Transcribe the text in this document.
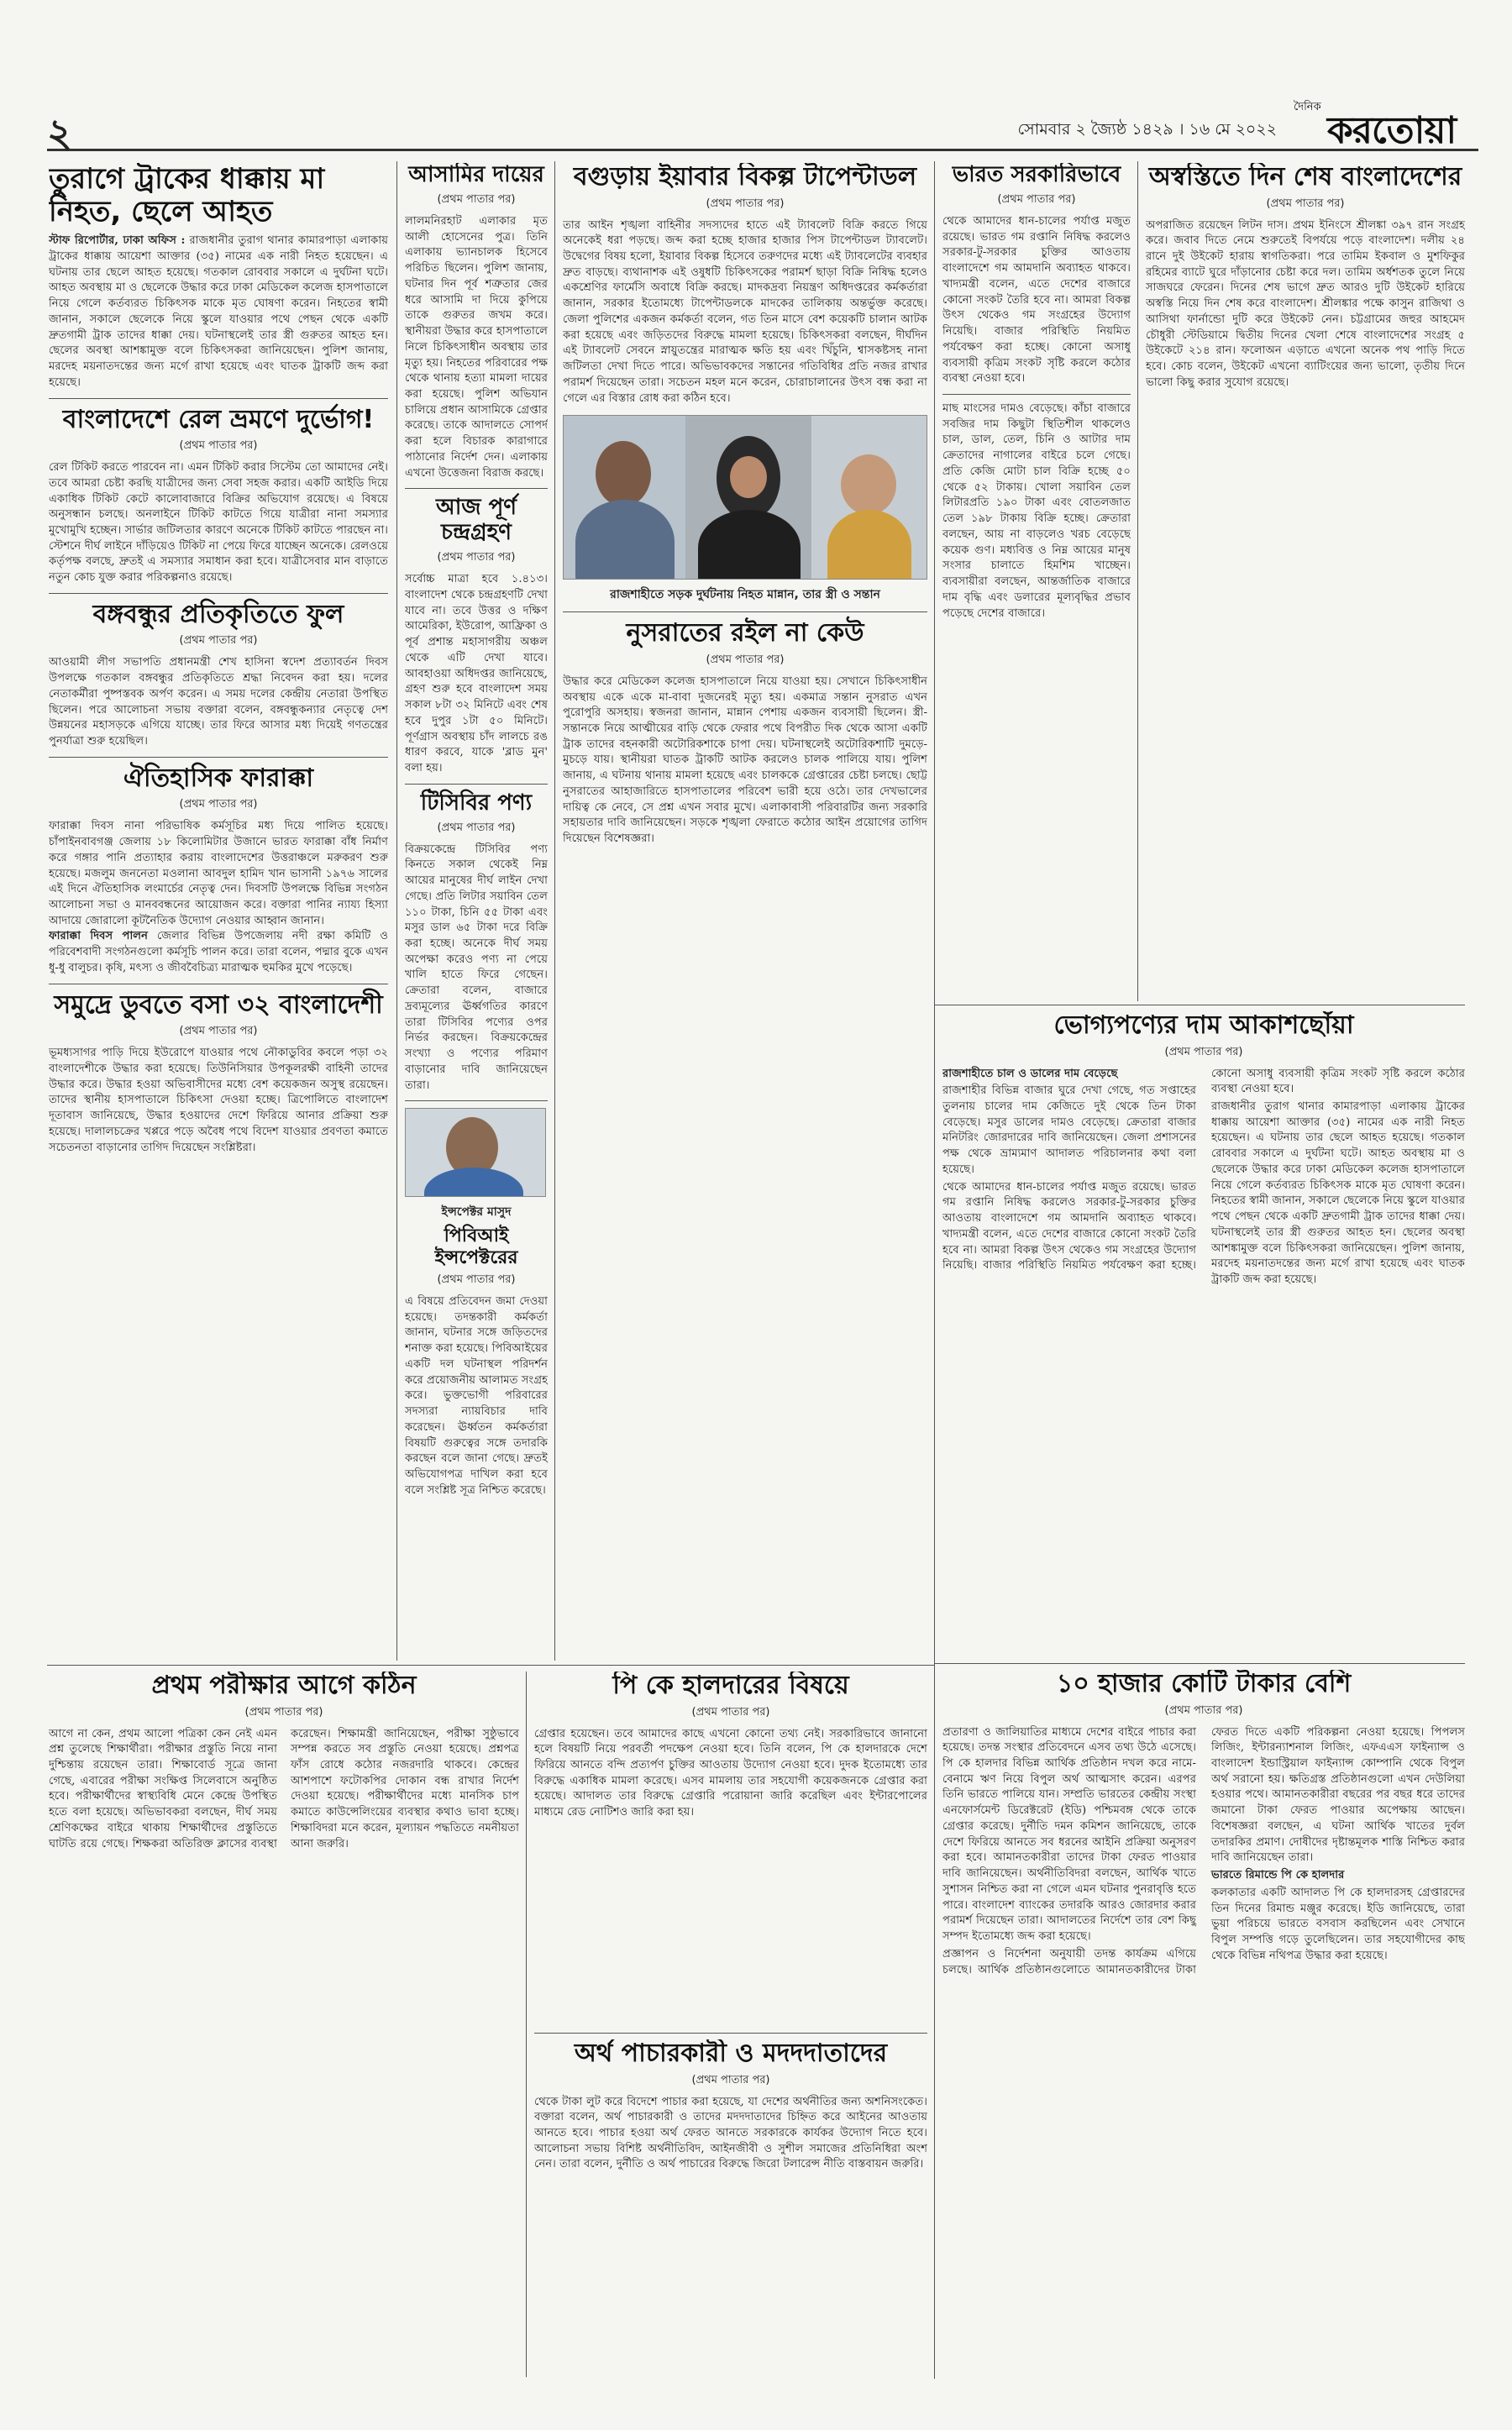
২	সোমবার ২ জ্যৈষ্ঠ ১৪২৯ । ১৬ মে ২০২২
দৈনিক
করতোয়া
তুরাগে ট্রাকের ধাক্কায় মা নিহত, ছেলে আহত
স্টাফ রিপোর্টার, ঢাকা অফিস : রাজধানীর তুরাগ থানার কামারপাড়া এলাকায় ট্রাকের ধাক্কায় আয়েশা আক্তার (৩৫) নামের এক নারী নিহত হয়েছেন। এ ঘটনায় তার ছেলে আহত হয়েছে। গতকাল রোববার সকালে এ দুর্ঘটনা ঘটে। আহত অবস্থায় মা ও ছেলেকে উদ্ধার করে ঢাকা মেডিকেল কলেজ হাসপাতালে নিয়ে গেলে কর্তব্যরত চিকিৎসক মাকে মৃত ঘোষণা করেন। নিহতের স্বামী জানান, সকালে ছেলেকে নিয়ে স্কুলে যাওয়ার পথে পেছন থেকে একটি দ্রুতগামী ট্রাক তাদের ধাক্কা দেয়। ঘটনাস্থলেই তার স্ত্রী গুরুতর আহত হন। ছেলের অবস্থা আশঙ্কামুক্ত বলে চিকিৎসকরা জানিয়েছেন। পুলিশ জানায়, মরদেহ ময়নাতদন্তের জন্য মর্গে রাখা হয়েছে এবং ঘাতক ট্রাকটি জব্দ করা হয়েছে।
বাংলাদেশে রেল ভ্রমণে দুর্ভোগ!
(প্রথম পাতার পর)
রেল টিকিট করতে পারবেন না। এমন টিকিট করার সিস্টেম তো আমাদের নেই। তবে আমরা চেষ্টা করছি যাত্রীদের জন্য সেবা সহজ করার। একটি আইডি দিয়ে একাধিক টিকিট কেটে কালোবাজারে বিক্রির অভিযোগ রয়েছে। এ বিষয়ে অনুসন্ধান চলছে। অনলাইনে টিকিট কাটতে গিয়ে যাত্রীরা নানা সমস্যার মুখোমুখি হচ্ছেন। সার্ভার জটিলতার কারণে অনেকে টিকিট কাটতে পারছেন না। স্টেশনে দীর্ঘ লাইনে দাঁড়িয়েও টিকিট না পেয়ে ফিরে যাচ্ছেন অনেকে। রেলওয়ে কর্তৃপক্ষ বলছে, দ্রুতই এ সমস্যার সমাধান করা হবে। যাত্রীসেবার মান বাড়াতে নতুন কোচ যুক্ত করার পরিকল্পনাও রয়েছে।
বঙ্গবন্ধুর প্রতিকৃতিতে ফুল
(প্রথম পাতার পর)
আওয়ামী লীগ সভাপতি প্রধানমন্ত্রী শেখ হাসিনা স্বদেশ প্রত্যাবর্তন দিবস উপলক্ষে গতকাল বঙ্গবন্ধুর প্রতিকৃতিতে শ্রদ্ধা নিবেদন করা হয়। দলের নেতাকর্মীরা পুষ্পস্তবক অর্পণ করেন। এ সময় দলের কেন্দ্রীয় নেতারা উপস্থিত ছিলেন। পরে আলোচনা সভায় বক্তারা বলেন, বঙ্গবন্ধুকন্যার নেতৃত্বে দেশ উন্নয়নের মহাসড়কে এগিয়ে যাচ্ছে। তার ফিরে আসার মধ্য দিয়েই গণতন্ত্রের পুনর্যাত্রা শুরু হয়েছিল।
ঐতিহাসিক ফারাক্কা
(প্রথম পাতার পর)
ফারাক্কা দিবস নানা পরিভাষিক কর্মসূচির মধ্য দিয়ে পালিত হয়েছে। চাঁপাইনবাবগঞ্জ জেলায় ১৮ কিলোমিটার উজানে ভারত ফারাক্কা বাঁধ নির্মাণ করে গঙ্গার পানি প্রত্যাহার করায় বাংলাদেশের উত্তরাঞ্চলে মরুকরণ শুরু হয়েছে। মজলুম জননেতা মওলানা আবদুল হামিদ খান ভাসানী ১৯৭৬ সালের এই দিনে ঐতিহাসিক লংমার্চের নেতৃত্ব দেন। দিবসটি উপলক্ষে বিভিন্ন সংগঠন আলোচনা সভা ও মানববন্ধনের আয়োজন করে। বক্তারা পানির ন্যায্য হিস্যা আদায়ে জোরালো কূটনৈতিক উদ্যোগ নেওয়ার আহ্বান জানান।
ফারাক্কা দিবস পালন জেলার বিভিন্ন উপজেলায় নদী রক্ষা কমিটি ও পরিবেশবাদী সংগঠনগুলো কর্মসূচি পালন করে। তারা বলেন, পদ্মার বুকে এখন ধু-ধু বালুচর। কৃষি, মৎস্য ও জীববৈচিত্র্য মারাত্মক হুমকির মুখে পড়েছে।
সমুদ্রে ডুবতে বসা ৩২ বাংলাদেশী
(প্রথম পাতার পর)
ভূমধ্যসাগর পাড়ি দিয়ে ইউরোপে যাওয়ার পথে নৌকাডুবির কবলে পড়া ৩২ বাংলাদেশীকে উদ্ধার করা হয়েছে। তিউনিসিয়ার উপকূলরক্ষী বাহিনী তাদের উদ্ধার করে। উদ্ধার হওয়া অভিবাসীদের মধ্যে বেশ কয়েকজন অসুস্থ রয়েছেন। তাদের স্থানীয় হাসপাতালে চিকিৎসা দেওয়া হচ্ছে। ত্রিপোলিতে বাংলাদেশ দূতাবাস জানিয়েছে, উদ্ধার হওয়াদের দেশে ফিরিয়ে আনার প্রক্রিয়া শুরু হয়েছে। দালালচক্রের খপ্পরে পড়ে অবৈধ পথে বিদেশ যাওয়ার প্রবণতা কমাতে সচেতনতা বাড়ানোর তাগিদ দিয়েছেন সংশ্লিষ্টরা।
আসামির দায়ের
(প্রথম পাতার পর)
লালমনিরহাট এলাকার মৃত আলী হোসেনের পুত্র। তিনি এলাকায় ভ্যানচালক হিসেবে পরিচিত ছিলেন। পুলিশ জানায়, ঘটনার দিন পূর্ব শত্রুতার জের ধরে আসামি দা দিয়ে কুপিয়ে তাকে গুরুতর জখম করে। স্থানীয়রা উদ্ধার করে হাসপাতালে নিলে চিকিৎসাধীন অবস্থায় তার মৃত্যু হয়। নিহতের পরিবারের পক্ষ থেকে থানায় হত্যা মামলা দায়ের করা হয়েছে। পুলিশ অভিযান চালিয়ে প্রধান আসামিকে গ্রেপ্তার করেছে। তাকে আদালতে সোপর্দ করা হলে বিচারক কারাগারে পাঠানোর নির্দেশ দেন। এলাকায় এখনো উত্তেজনা বিরাজ করছে।
আজ পূর্ণ চন্দ্রগ্রহণ
(প্রথম পাতার পর)
সর্বোচ্চ মাত্রা হবে ১.৪১৩। বাংলাদেশ থেকে চন্দ্রগ্রহণটি দেখা যাবে না। তবে উত্তর ও দক্ষিণ আমেরিকা, ইউরোপ, আফ্রিকা ও পূর্ব প্রশান্ত মহাসাগরীয় অঞ্চল থেকে এটি দেখা যাবে। আবহাওয়া অধিদপ্তর জানিয়েছে, গ্রহণ শুরু হবে বাংলাদেশ সময় সকাল ৮টা ৩২ মিনিটে এবং শেষ হবে দুপুর ১টা ৫০ মিনিটে। পূর্ণগ্রাস অবস্থায় চাঁদ লালচে রঙ ধারণ করবে, যাকে 'ব্লাড মুন' বলা হয়।
টিসিবির পণ্য
(প্রথম পাতার পর)
বিক্রয়কেন্দ্রে টিসিবির পণ্য কিনতে সকাল থেকেই নিম্ন আয়ের মানুষের দীর্ঘ লাইন দেখা গেছে। প্রতি লিটার সয়াবিন তেল ১১০ টাকা, চিনি ৫৫ টাকা এবং মসুর ডাল ৬৫ টাকা দরে বিক্রি করা হচ্ছে। অনেকে দীর্ঘ সময় অপেক্ষা করেও পণ্য না পেয়ে খালি হাতে ফিরে গেছেন। ক্রেতারা বলেন, বাজারে দ্রব্যমূল্যের ঊর্ধ্বগতির কারণে তারা টিসিবির পণ্যের ওপর নির্ভর করছেন। বিক্রয়কেন্দ্রের সংখ্যা ও পণ্যের পরিমাণ বাড়ানোর দাবি জানিয়েছেন তারা।
ইন্সপেক্টর মাসুদ
পিবিআই ইন্সপেক্টরের
(প্রথম পাতার পর)
এ বিষয়ে প্রতিবেদন জমা দেওয়া হয়েছে। তদন্তকারী কর্মকর্তা জানান, ঘটনার সঙ্গে জড়িতদের শনাক্ত করা হয়েছে। পিবিআইয়ের একটি দল ঘটনাস্থল পরিদর্শন করে প্রয়োজনীয় আলামত সংগ্রহ করে। ভুক্তভোগী পরিবারের সদস্যরা ন্যায়বিচার দাবি করেছেন। ঊর্ধ্বতন কর্মকর্তারা বিষয়টি গুরুত্বের সঙ্গে তদারকি করছেন বলে জানা গেছে। দ্রুতই অভিযোগপত্র দাখিল করা হবে বলে সংশ্লিষ্ট সূত্র নিশ্চিত করেছে।
বগুড়ায় ইয়াবার বিকল্প টাপেন্টাডল
(প্রথম পাতার পর)
তার আইন শৃঙ্খলা বাহিনীর সদস্যদের হাতে এই ট্যাবলেট বিক্রি করতে গিয়ে অনেকেই ধরা পড়ছে। জব্দ করা হচ্ছে হাজার হাজার পিস টাপেন্টাডল ট্যাবলেট। উদ্বেগের বিষয় হলো, ইয়াবার বিকল্প হিসেবে তরুণদের মধ্যে এই ট্যাবলেটের ব্যবহার দ্রুত বাড়ছে। ব্যথানাশক এই ওষুধটি চিকিৎসকের পরামর্শ ছাড়া বিক্রি নিষিদ্ধ হলেও একশ্রেণির ফার্মেসি অবাধে বিক্রি করছে। মাদকদ্রব্য নিয়ন্ত্রণ অধিদপ্তরের কর্মকর্তারা জানান, সরকার ইতোমধ্যে টাপেন্টাডলকে মাদকের তালিকায় অন্তর্ভুক্ত করেছে। জেলা পুলিশের একজন কর্মকর্তা বলেন, গত তিন মাসে বেশ কয়েকটি চালান আটক করা হয়েছে এবং জড়িতদের বিরুদ্ধে মামলা হয়েছে। চিকিৎসকরা বলছেন, দীর্ঘদিন এই ট্যাবলেট সেবনে স্নায়ুতন্ত্রের মারাত্মক ক্ষতি হয় এবং খিঁচুনি, শ্বাসকষ্টসহ নানা জটিলতা দেখা দিতে পারে। অভিভাবকদের সন্তানের গতিবিধির প্রতি নজর রাখার পরামর্শ দিয়েছেন তারা। সচেতন মহল মনে করেন, চোরাচালানের উৎস বন্ধ করা না গেলে এর বিস্তার রোধ করা কঠিন হবে।
রাজশাহীতে সড়ক দুর্ঘটনায় নিহত মান্নান, তার স্ত্রী ও সন্তান
নুসরাতের রইল না কেউ
(প্রথম পাতার পর)
উদ্ধার করে মেডিকেল কলেজ হাসপাতালে নিয়ে যাওয়া হয়। সেখানে চিকিৎসাধীন অবস্থায় একে একে মা-বাবা দুজনেরই মৃত্যু হয়। একমাত্র সন্তান নুসরাত এখন পুরোপুরি অসহায়। স্বজনরা জানান, মান্নান পেশায় একজন ব্যবসায়ী ছিলেন। স্ত্রী-সন্তানকে নিয়ে আত্মীয়ের বাড়ি থেকে ফেরার পথে বিপরীত দিক থেকে আসা একটি ট্রাক তাদের বহনকারী অটোরিকশাকে চাপা দেয়। ঘটনাস্থলেই অটোরিকশাটি দুমড়ে-মুচড়ে যায়। স্থানীয়রা ঘাতক ট্রাকটি আটক করলেও চালক পালিয়ে যায়। পুলিশ জানায়, এ ঘটনায় থানায় মামলা হয়েছে এবং চালককে গ্রেপ্তারের চেষ্টা চলছে। ছোট্ট নুসরাতের আহাজারিতে হাসপাতালের পরিবেশ ভারী হয়ে ওঠে। তার দেখভালের দায়িত্ব কে নেবে, সে প্রশ্ন এখন সবার মুখে। এলাকাবাসী পরিবারটির জন্য সরকারি সহায়তার দাবি জানিয়েছেন। সড়কে শৃঙ্খলা ফেরাতে কঠোর আইন প্রয়োগের তাগিদ দিয়েছেন বিশেষজ্ঞরা।
ভারত সরকারিভাবে
(প্রথম পাতার পর)
থেকে আমাদের ধান-চালের পর্যাপ্ত মজুত রয়েছে। ভারত গম রপ্তানি নিষিদ্ধ করলেও সরকার-টু-সরকার চুক্তির আওতায় বাংলাদেশে গম আমদানি অব্যাহত থাকবে। খাদ্যমন্ত্রী বলেন, এতে দেশের বাজারে কোনো সংকট তৈরি হবে না। আমরা বিকল্প উৎস থেকেও গম সংগ্রহের উদ্যোগ নিয়েছি। বাজার পরিস্থিতি নিয়মিত পর্যবেক্ষণ করা হচ্ছে। কোনো অসাধু ব্যবসায়ী কৃত্রিম সংকট সৃষ্টি করলে কঠোর ব্যবস্থা নেওয়া হবে।
মাছ মাংসের দামও বেড়েছে। কাঁচা বাজারে সবজির দাম কিছুটা স্থিতিশীল থাকলেও চাল, ডাল, তেল, চিনি ও আটার দাম ক্রেতাদের নাগালের বাইরে চলে গেছে। প্রতি কেজি মোটা চাল বিক্রি হচ্ছে ৫০ থেকে ৫২ টাকায়। খোলা সয়াবিন তেল লিটারপ্রতি ১৯০ টাকা এবং বোতলজাত তেল ১৯৮ টাকায় বিক্রি হচ্ছে। ক্রেতারা বলছেন, আয় না বাড়লেও খরচ বেড়েছে কয়েক গুণ। মধ্যবিত্ত ও নিম্ন আয়ের মানুষ সংসার চালাতে হিমশিম খাচ্ছেন। ব্যবসায়ীরা বলছেন, আন্তর্জাতিক বাজারে দাম বৃদ্ধি এবং ডলারের মূল্যবৃদ্ধির প্রভাব পড়েছে দেশের বাজারে।
অস্বস্তিতে দিন শেষ বাংলাদেশের
(প্রথম পাতার পর)
অপরাজিত রয়েছেন লিটন দাস। প্রথম ইনিংসে শ্রীলঙ্কা ৩৯৭ রান সংগ্রহ করে। জবাব দিতে নেমে শুরুতেই বিপর্যয়ে পড়ে বাংলাদেশ। দলীয় ২৪ রানে দুই উইকেট হারায় স্বাগতিকরা। পরে তামিম ইকবাল ও মুশফিকুর রহিমের ব্যাটে ঘুরে দাঁড়ানোর চেষ্টা করে দল। তামিম অর্ধশতক তুলে নিয়ে সাজঘরে ফেরেন। দিনের শেষ ভাগে দ্রুত আরও দুটি উইকেট হারিয়ে অস্বস্তি নিয়ে দিন শেষ করে বাংলাদেশ। শ্রীলঙ্কার পক্ষে কাসুন রাজিথা ও আসিথা ফার্নান্ডো দুটি করে উইকেট নেন। চট্টগ্রামের জহুর আহমেদ চৌধুরী স্টেডিয়ামে দ্বিতীয় দিনের খেলা শেষে বাংলাদেশের সংগ্রহ ৫ উইকেটে ২১৪ রান। ফলোঅন এড়াতে এখনো অনেক পথ পাড়ি দিতে হবে। কোচ বলেন, উইকেট এখনো ব্যাটিংয়ের জন্য ভালো, তৃতীয় দিনে ভালো কিছু করার সুযোগ রয়েছে।
ভোগ্যপণ্যের দাম আকাশছোঁয়া
(প্রথম পাতার পর)

রাজশাহীতে চাল ও ডালের দাম বেড়েছে

রাজশাহীর বিভিন্ন বাজার ঘুরে দেখা গেছে, গত সপ্তাহের তুলনায় চালের দাম কেজিতে দুই থেকে তিন টাকা বেড়েছে। মসুর ডালের দামও বেড়েছে। ক্রেতারা বাজার মনিটরিং জোরদারের দাবি জানিয়েছেন। জেলা প্রশাসনের পক্ষ থেকে ভ্রাম্যমাণ আদালত পরিচালনার কথা বলা হয়েছে।

থেকে আমাদের ধান-চালের পর্যাপ্ত মজুত রয়েছে। ভারত গম রপ্তানি নিষিদ্ধ করলেও সরকার-টু-সরকার চুক্তির আওতায় বাংলাদেশে গম আমদানি অব্যাহত থাকবে। খাদ্যমন্ত্রী বলেন, এতে দেশের বাজারে কোনো সংকট তৈরি হবে না। আমরা বিকল্প উৎস থেকেও গম সংগ্রহের উদ্যোগ নিয়েছি। বাজার পরিস্থিতি নিয়মিত পর্যবেক্ষণ করা হচ্ছে। কোনো অসাধু ব্যবসায়ী কৃত্রিম সংকট সৃষ্টি করলে কঠোর ব্যবস্থা নেওয়া হবে।

রাজধানীর তুরাগ থানার কামারপাড়া এলাকায় ট্রাকের ধাক্কায় আয়েশা আক্তার (৩৫) নামের এক নারী নিহত হয়েছেন। এ ঘটনায় তার ছেলে আহত হয়েছে। গতকাল রোববার সকালে এ দুর্ঘটনা ঘটে। আহত অবস্থায় মা ও ছেলেকে উদ্ধার করে ঢাকা মেডিকেল কলেজ হাসপাতালে নিয়ে গেলে কর্তব্যরত চিকিৎসক মাকে মৃত ঘোষণা করেন। নিহতের স্বামী জানান, সকালে ছেলেকে নিয়ে স্কুলে যাওয়ার পথে পেছন থেকে একটি দ্রুতগামী ট্রাক তাদের ধাক্কা দেয়। ঘটনাস্থলেই তার স্ত্রী গুরুতর আহত হন। ছেলের অবস্থা আশঙ্কামুক্ত বলে চিকিৎসকরা জানিয়েছেন। পুলিশ জানায়, মরদেহ ময়নাতদন্তের জন্য মর্গে রাখা হয়েছে এবং ঘাতক ট্রাকটি জব্দ করা হয়েছে।

১০ হাজার কোটি টাকার বেশি
(প্রথম পাতার পর)

প্রতারণা ও জালিয়াতির মাধ্যমে দেশের বাইরে পাচার করা হয়েছে। তদন্ত সংস্থার প্রতিবেদনে এসব তথ্য উঠে এসেছে। পি কে হালদার বিভিন্ন আর্থিক প্রতিষ্ঠান দখল করে নামে-বেনামে ঋণ নিয়ে বিপুল অর্থ আত্মসাৎ করেন। এরপর তিনি ভারতে পালিয়ে যান। সম্প্রতি ভারতের কেন্দ্রীয় সংস্থা এনফোর্সমেন্ট ডিরেক্টরেট (ইডি) পশ্চিমবঙ্গ থেকে তাকে গ্রেপ্তার করেছে। দুর্নীতি দমন কমিশন জানিয়েছে, তাকে দেশে ফিরিয়ে আনতে সব ধরনের আইনি প্রক্রিয়া অনুসরণ করা হবে। আমানতকারীরা তাদের টাকা ফেরত পাওয়ার দাবি জানিয়েছেন। অর্থনীতিবিদরা বলছেন, আর্থিক খাতে সুশাসন নিশ্চিত করা না গেলে এমন ঘটনার পুনরাবৃত্তি হতে পারে। বাংলাদেশ ব্যাংকের তদারকি আরও জোরদার করার পরামর্শ দিয়েছেন তারা। আদালতের নির্দেশে তার বেশ কিছু সম্পদ ইতোমধ্যে জব্দ করা হয়েছে।

প্রজ্ঞাপন ও নির্দেশনা অনুযায়ী তদন্ত কার্যক্রম এগিয়ে চলছে। আর্থিক প্রতিষ্ঠানগুলোতে আমানতকারীদের টাকা ফেরত দিতে একটি পরিকল্পনা নেওয়া হয়েছে। পিপলস লিজিং, ইন্টারন্যাশনাল লিজিং, এফএএস ফাইন্যান্স ও বাংলাদেশ ইন্ডাস্ট্রিয়াল ফাইন্যান্স কোম্পানি থেকে বিপুল অর্থ সরানো হয়। ক্ষতিগ্রস্ত প্রতিষ্ঠানগুলো এখন দেউলিয়া হওয়ার পথে। আমানতকারীরা বছরের পর বছর ধরে তাদের জমানো টাকা ফেরত পাওয়ার অপেক্ষায় আছেন। বিশেষজ্ঞরা বলছেন, এ ঘটনা আর্থিক খাতের দুর্বল তদারকির প্রমাণ। দোষীদের দৃষ্টান্তমূলক শাস্তি নিশ্চিত করার দাবি জানিয়েছেন তারা।

ভারতে রিমান্ডে পি কে হালদার

কলকাতার একটি আদালত পি কে হালদারসহ গ্রেপ্তারদের তিন দিনের রিমান্ড মঞ্জুর করেছে। ইডি জানিয়েছে, তারা ভুয়া পরিচয়ে ভারতে বসবাস করছিলেন এবং সেখানে বিপুল সম্পত্তি গড়ে তুলেছিলেন। তার সহযোগীদের কাছ থেকে বিভিন্ন নথিপত্র উদ্ধার করা হয়েছে।

প্রথম পরীক্ষার আগে কঠিন
(প্রথম পাতার পর)
আগে না কেন, প্রথম আলো পত্রিকা কেন নেই এমন প্রশ্ন তুলেছে শিক্ষার্থীরা। পরীক্ষার প্রস্তুতি নিয়ে নানা দুশ্চিন্তায় রয়েছেন তারা। শিক্ষাবোর্ড সূত্রে জানা গেছে, এবারের পরীক্ষা সংক্ষিপ্ত সিলেবাসে অনুষ্ঠিত হবে। পরীক্ষার্থীদের স্বাস্থ্যবিধি মেনে কেন্দ্রে উপস্থিত হতে বলা হয়েছে। অভিভাবকরা বলছেন, দীর্ঘ সময় শ্রেণিকক্ষের বাইরে থাকায় শিক্ষার্থীদের প্রস্তুতিতে ঘাটতি রয়ে গেছে। শিক্ষকরা অতিরিক্ত ক্লাসের ব্যবস্থা করেছেন। শিক্ষামন্ত্রী জানিয়েছেন, পরীক্ষা সুষ্ঠুভাবে সম্পন্ন করতে সব প্রস্তুতি নেওয়া হয়েছে। প্রশ্নপত্র ফাঁস রোধে কঠোর নজরদারি থাকবে। কেন্দ্রের আশপাশে ফটোকপির দোকান বন্ধ রাখার নির্দেশ দেওয়া হয়েছে। পরীক্ষার্থীদের মধ্যে মানসিক চাপ কমাতে কাউন্সেলিংয়ের ব্যবস্থার কথাও ভাবা হচ্ছে। শিক্ষাবিদরা মনে করেন, মূল্যায়ন পদ্ধতিতে নমনীয়তা আনা জরুরি।
পি কে হালদারের বিষয়ে
(প্রথম পাতার পর)
গ্রেপ্তার হয়েছেন। তবে আমাদের কাছে এখনো কোনো তথ্য নেই। সরকারিভাবে জানানো হলে বিষয়টি নিয়ে পরবর্তী পদক্ষেপ নেওয়া হবে। তিনি বলেন, পি কে হালদারকে দেশে ফিরিয়ে আনতে বন্দি প্রত্যর্পণ চুক্তির আওতায় উদ্যোগ নেওয়া হবে। দুদক ইতোমধ্যে তার বিরুদ্ধে একাধিক মামলা করেছে। এসব মামলায় তার সহযোগী কয়েকজনকে গ্রেপ্তার করা হয়েছে। আদালত তার বিরুদ্ধে গ্রেপ্তারি পরোয়ানা জারি করেছিল এবং ইন্টারপোলের মাধ্যমে রেড নোটিশও জারি করা হয়।
অর্থ পাচারকারী ও মদদদাতাদের
(প্রথম পাতার পর)
থেকে টাকা লুট করে বিদেশে পাচার করা হয়েছে, যা দেশের অর্থনীতির জন্য অশনিসংকেত। বক্তারা বলেন, অর্থ পাচারকারী ও তাদের মদদদাতাদের চিহ্নিত করে আইনের আওতায় আনতে হবে। পাচার হওয়া অর্থ ফেরত আনতে সরকারকে কার্যকর উদ্যোগ নিতে হবে। আলোচনা সভায় বিশিষ্ট অর্থনীতিবিদ, আইনজীবী ও সুশীল সমাজের প্রতিনিধিরা অংশ নেন। তারা বলেন, দুর্নীতি ও অর্থ পাচারের বিরুদ্ধে জিরো টলারেন্স নীতি বাস্তবায়ন জরুরি।
